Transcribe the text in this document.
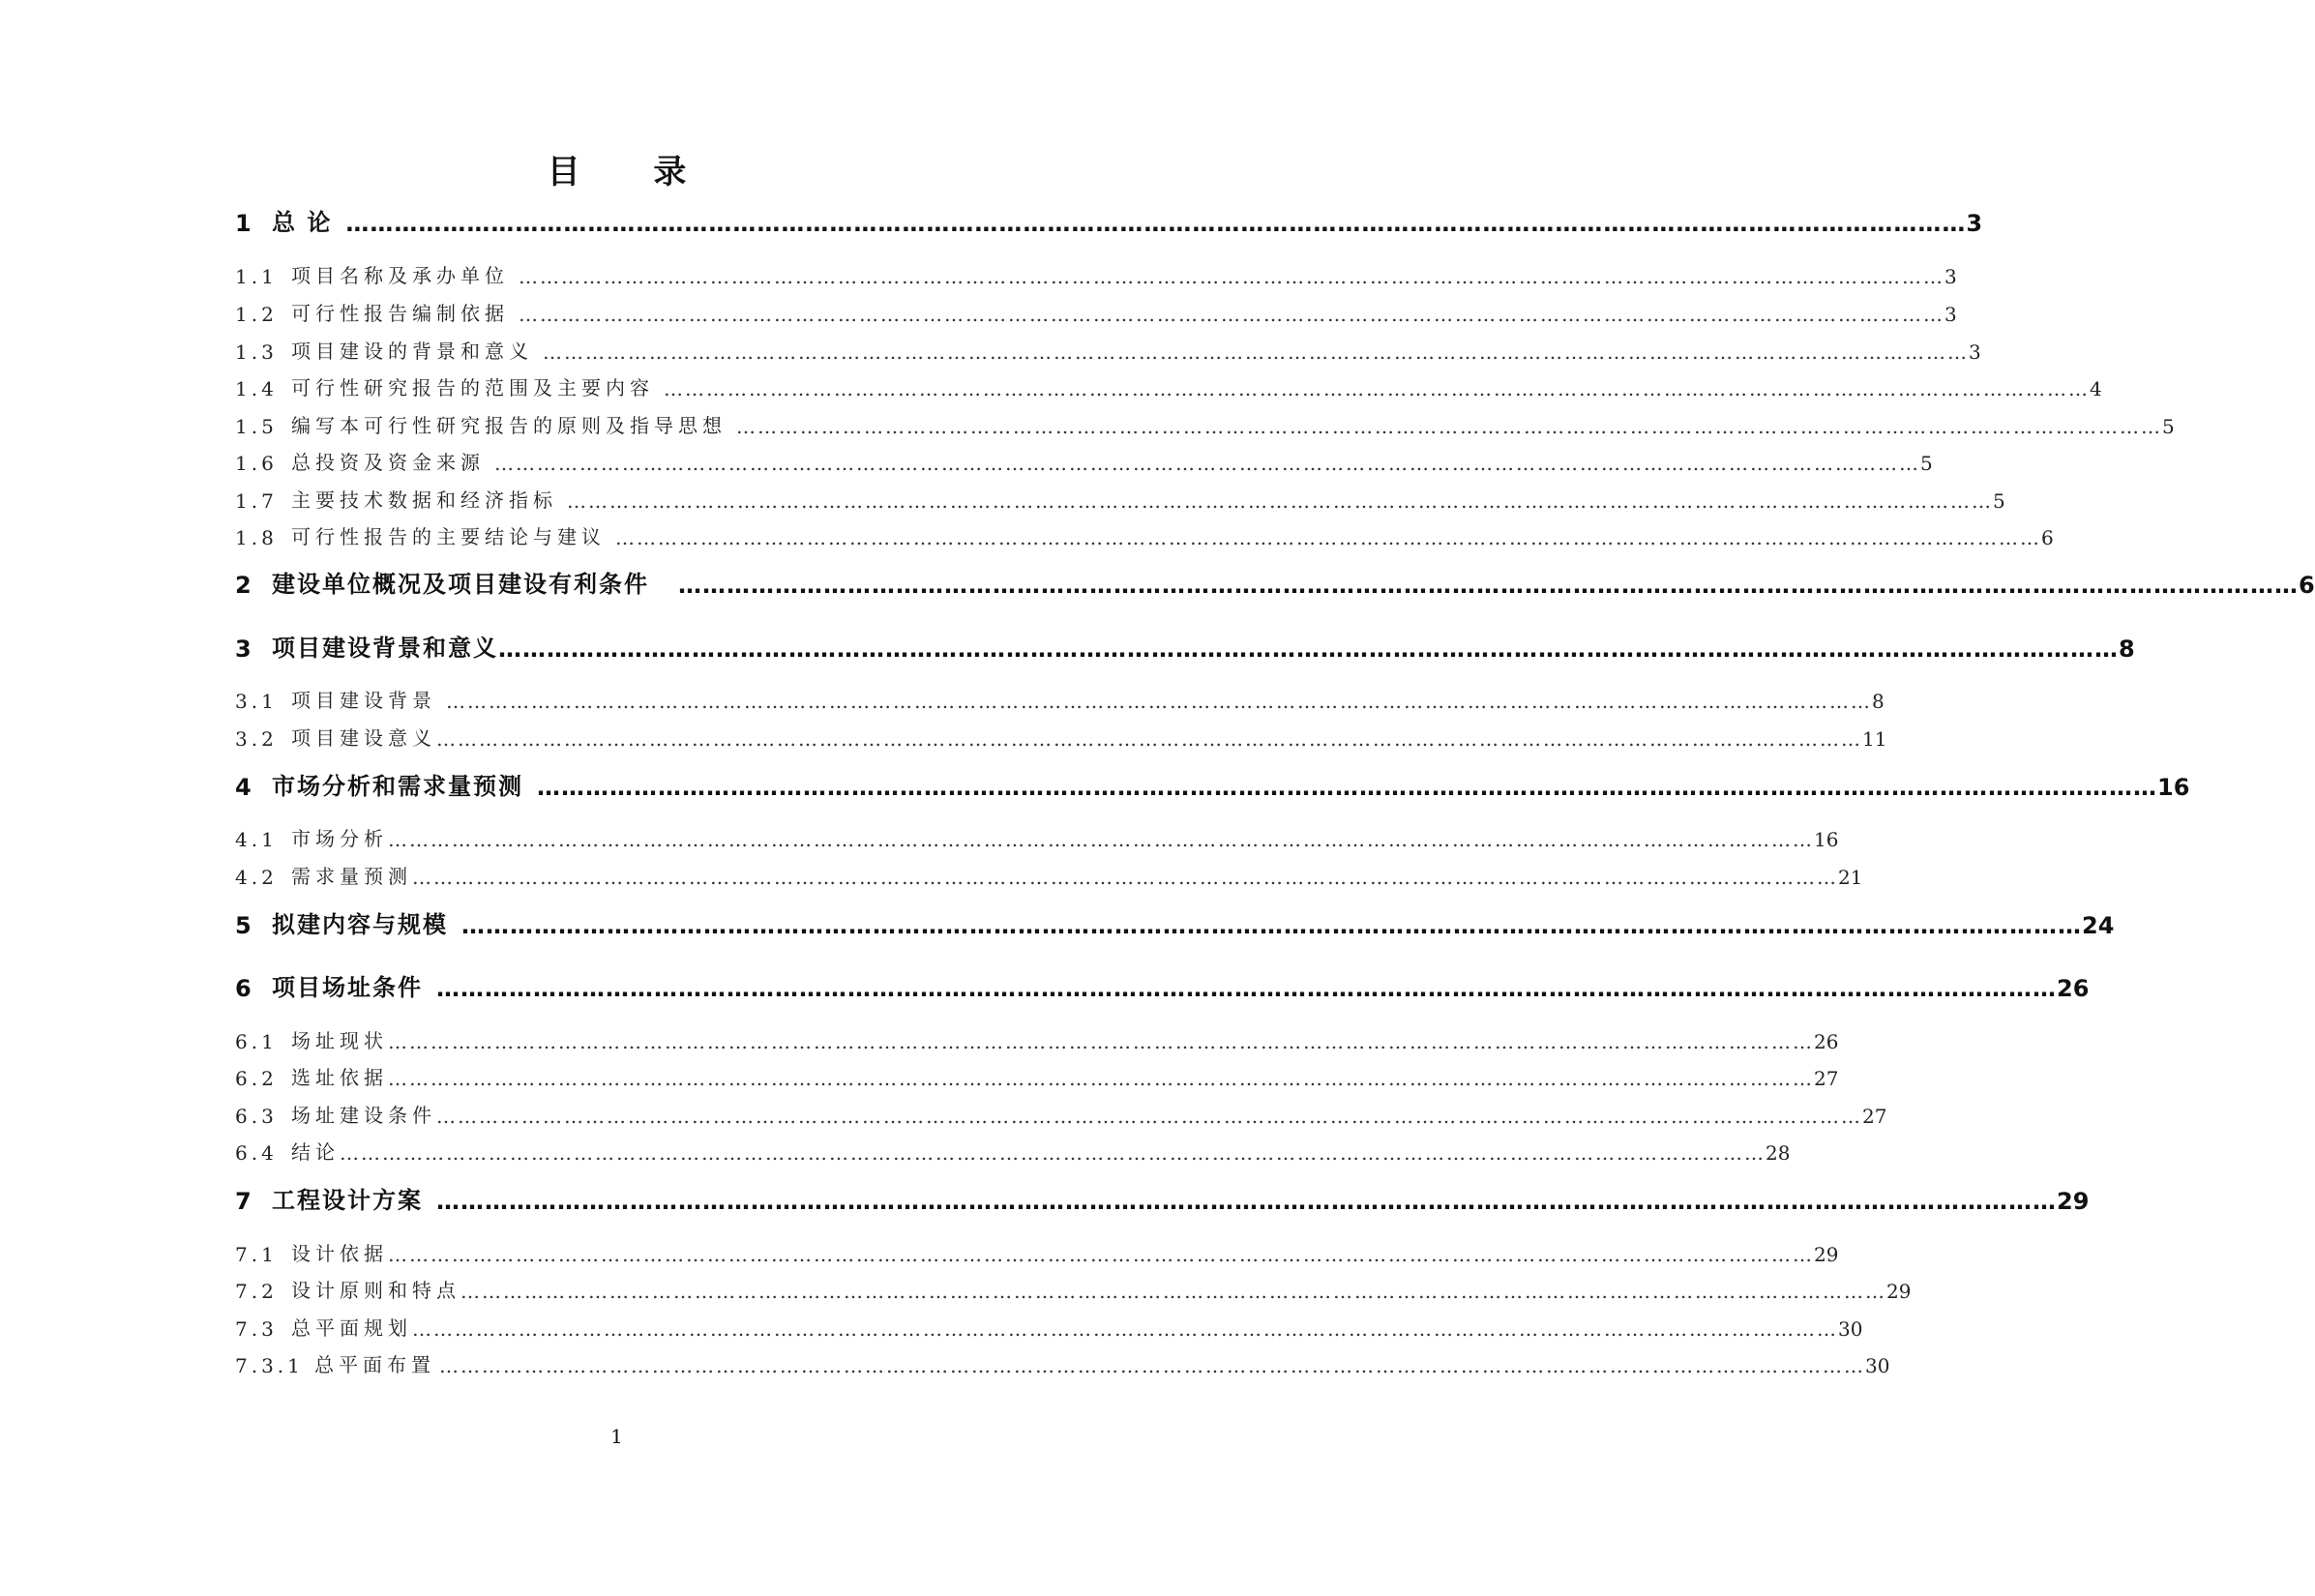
目 录
1 总 论 ………………………………………………………………………………………………………………………………………………………………………………… 3
1.1 项目名称及承办单位 ………………………………………………………………………………………………………………………………………………………………………………… 3
1.2 可行性报告编制依据 ………………………………………………………………………………………………………………………………………………………………………………… 3
1.3 项目建设的背景和意义 ………………………………………………………………………………………………………………………………………………………………………………… 3
1.4 可行性研究报告的范围及主要内容 ………………………………………………………………………………………………………………………………………………………………………………… 4
1.5 编写本可行性研究报告的原则及指导思想 ………………………………………………………………………………………………………………………………………………………………………………… 5
1.6 总投资及资金来源 ………………………………………………………………………………………………………………………………………………………………………………… 5
1.7 主要技术数据和经济指标 ………………………………………………………………………………………………………………………………………………………………………………… 5
1.8 可行性报告的主要结论与建议 ………………………………………………………………………………………………………………………………………………………………………………… 6
2 建设单位概况及项目建设有利条件	………………………………………………………………………………………………………………………………………………………………………………… 6
3 项目建设背景和意义 ………………………………………………………………………………………………………………………………………………………………………………… 8
3.1 项目建设背景 ………………………………………………………………………………………………………………………………………………………………………………… 8
3.2 项目建设意义 ………………………………………………………………………………………………………………………………………………………………………………… 11
4 市场分析和需求量预测 ………………………………………………………………………………………………………………………………………………………………………………… 16
4.1 市场分析 ………………………………………………………………………………………………………………………………………………………………………………… 16
4.2 需求量预测 ………………………………………………………………………………………………………………………………………………………………………………… 21
5 拟建内容与规模 ………………………………………………………………………………………………………………………………………………………………………………… 24
6 项目场址条件 ………………………………………………………………………………………………………………………………………………………………………………… 26
6.1 场址现状 ………………………………………………………………………………………………………………………………………………………………………………… 26
6.2 选址依据 ………………………………………………………………………………………………………………………………………………………………………………… 27
6.3 场址建设条件 ………………………………………………………………………………………………………………………………………………………………………………… 27
6.4 结论 ………………………………………………………………………………………………………………………………………………………………………………… 28
7 工程设计方案 ………………………………………………………………………………………………………………………………………………………………………………… 29
7.1 设计依据 ………………………………………………………………………………………………………………………………………………………………………………… 29
7.2 设计原则和特点 ………………………………………………………………………………………………………………………………………………………………………………… 29
7.3 总平面规划 ………………………………………………………………………………………………………………………………………………………………………………… 30
7.3.1 总平面布置 ………………………………………………………………………………………………………………………………………………………………………………… 30
1
